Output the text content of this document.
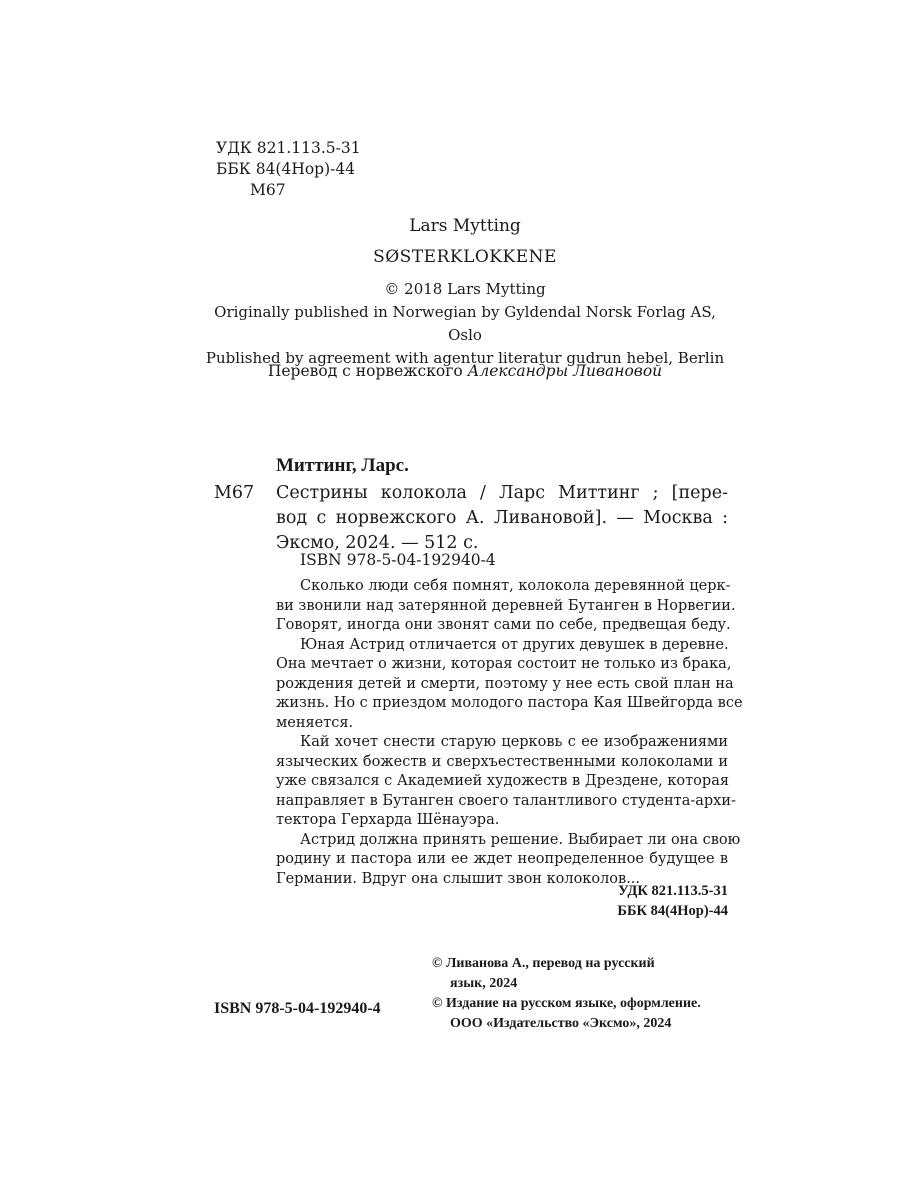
УДК 821.113.5-31
ББК 84(4Нор)-44
М67
Lars Mytting
SØSTERKLOKKENE
© 2018 Lars Mytting
Originally published in Norwegian by Gyldendal Norsk Forlag AS, Oslo
Published by agreement with agentur literatur gudrun hebel, Berlin
Перевод с норвежского Александры Ливановой
Миттинг, Ларс.
М67 Сестрины колокола / Ларс Миттинг ; [пере-
вод с норвежского А. Ливановой]. — Москва :
Эксмо, 2024. — 512 с.
ISBN 978-5-04-192940-4
Сколько люди себя помнят, колокола деревянной церк-
ви звонили над затерянной деревней Бутанген в Норвегии.
Говорят, иногда они звонят сами по себе, предвещая беду.
Юная Астрид отличается от других девушек в деревне.
Она мечтает о жизни, которая состоит не только из брака,
рождения детей и смерти, поэтому у нее есть свой план на
жизнь. Но с приездом молодого пастора Кая Швейгорда все
меняется.
Кай хочет снести старую церковь с ее изображениями
языческих божеств и сверхъестественными колоколами и
уже связался с Академией художеств в Дрездене, которая
направляет в Бутанген своего талантливого студента-архи-
тектора Герхарда Шёнауэра.
Астрид должна принять решение. Выбирает ли она свою
родину и пастора или ее ждет неопределенное будущее в
Германии. Вдруг она слышит звон колоколов...
УДК 821.113.5-31
ББК 84(4Нор)-44
© Ливанова А., перевод на русский
язык, 2024
© Издание на русском языке, оформление.
ООО «Издательство «Эксмо», 2024
ISBN 978-5-04-192940-4
